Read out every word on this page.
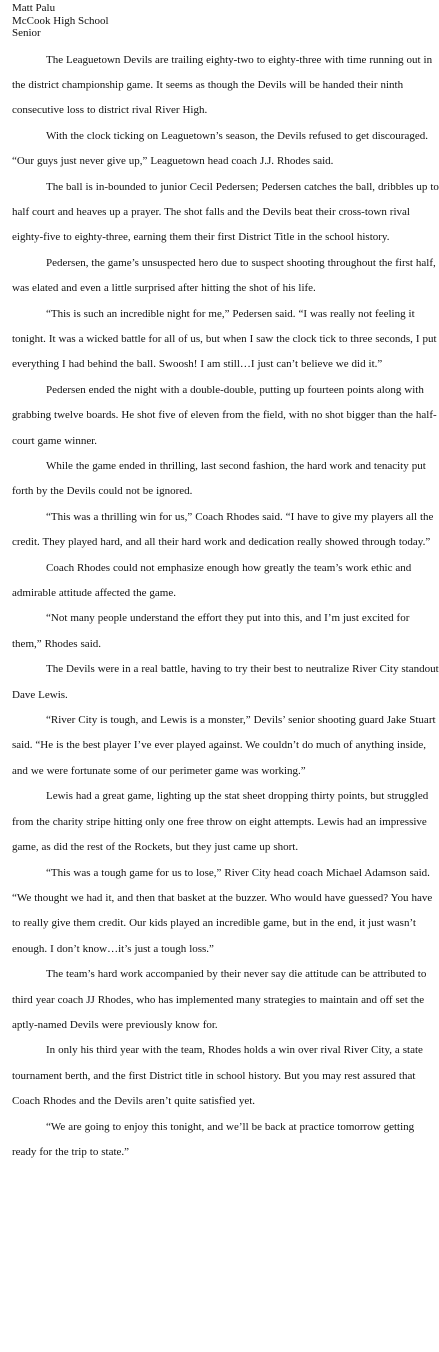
Matt Palu
McCook High School
Senior

The Leaguetown Devils are trailing eighty-two to eighty-three with time running out in the district championship game. It seems as though the Devils will be handed their ninth consecutive loss to district rival River High.

With the clock ticking on Leaguetown’s season, the Devils refused to get discouraged. “Our guys just never give up,” Leaguetown head coach J.J. Rhodes said.

The ball is in-bounded to junior Cecil Pedersen; Pedersen catches the ball, dribbles up to half court and heaves up a prayer. The shot falls and the Devils beat their cross-town rival eighty-five to eighty-three, earning them their first District Title in the school history.

Pedersen, the game’s unsuspected hero due to suspect shooting throughout the first half, was elated and even a little surprised after hitting the shot of his life.

“This is such an incredible night for me,” Pedersen said. “I was really not feeling it tonight. It was a wicked battle for all of us, but when I saw the clock tick to three seconds, I put everything I had behind the ball. Swoosh! I am still…I just can’t believe we did it.”

Pedersen ended the night with a double-double, putting up fourteen points along with grabbing twelve boards. He shot five of eleven from the field, with no shot bigger than the half-court game winner.

While the game ended in thrilling, last second fashion, the hard work and tenacity put forth by the Devils could not be ignored.

“This was a thrilling win for us,” Coach Rhodes said. “I have to give my players all the credit. They played hard, and all their hard work and dedication really showed through today.”

Coach Rhodes could not emphasize enough how greatly the team’s work ethic and admirable attitude affected the game.

“Not many people understand the effort they put into this, and I’m just excited for them,” Rhodes said.

The Devils were in a real battle, having to try their best to neutralize River City standout Dave Lewis.

“River City is tough, and Lewis is a monster,” Devils’ senior shooting guard Jake Stuart said. “He is the best player I’ve ever played against. We couldn’t do much of anything inside, and we were fortunate some of our perimeter game was working.”

Lewis had a great game, lighting up the stat sheet dropping thirty points, but struggled from the charity stripe hitting only one free throw on eight attempts. Lewis had an impressive game, as did the rest of the Rockets, but they just came up short.

“This was a tough game for us to lose,” River City head coach Michael Adamson said. “We thought we had it, and then that basket at the buzzer. Who would have guessed? You have to really give them credit. Our kids played an incredible game, but in the end, it just wasn’t enough. I don’t know…it’s just a tough loss.”

The team’s hard work accompanied by their never say die attitude can be attributed to third year coach JJ Rhodes, who has implemented many strategies to maintain and off set the aptly-named Devils were previously know for.

In only his third year with the team, Rhodes holds a win over rival River City, a state tournament berth, and the first District title in school history. But you may rest assured that Coach Rhodes and the Devils aren’t quite satisfied yet.

“We are going to enjoy this tonight, and we’ll be back at practice tomorrow getting ready for the trip to state.”
